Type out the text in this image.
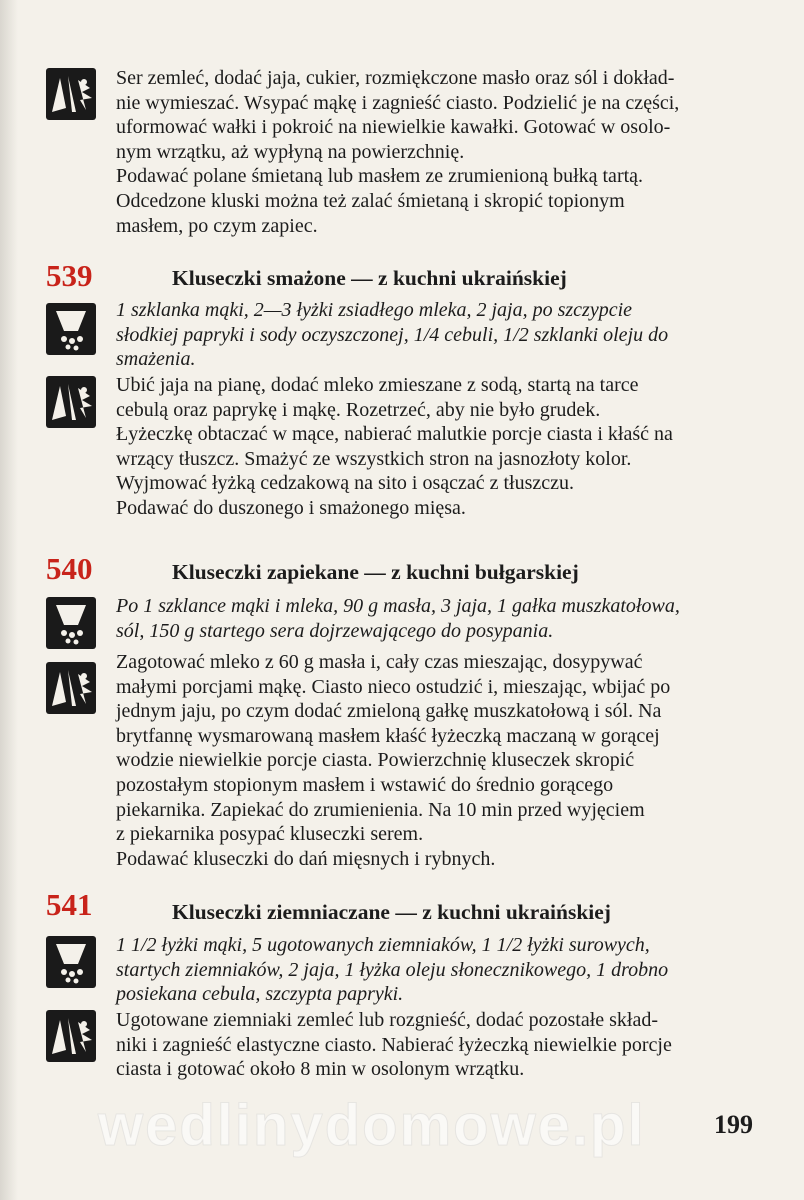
Ser zemleć, dodać jaja, cukier, rozmiękczone masło oraz sól i dokład-

nie wymieszać. Wsypać mąkę i zagnieść ciasto. Podzielić je na części,

uformować wałki i pokroić na niewielkie kawałki. Gotować w osolo-

nym wrzątku, aż wypłyną na powierzchnię.

Podawać polane śmietaną lub masłem ze zrumienioną bułką tartą.

Odcedzone kluski można też zalać śmietaną i skropić topionym

masłem, po czym zapiec.

539	Kluseczki smażone — z kuchni ukraińskiej

1 szklanka mąki, 2—3 łyżki zsiadłego mleka, 2 jaja, po szczypcie

słodkiej papryki i sody oczyszczonej, 1/4 cebuli, 1/2 szklanki oleju do

smażenia.

Ubić jaja na pianę, dodać mleko zmieszane z sodą, startą na tarce

cebulą oraz paprykę i mąkę. Rozetrzeć, aby nie było grudek.

Łyżeczkę obtaczać w mące, nabierać malutkie porcje ciasta i kłaść na

wrzący tłuszcz. Smażyć ze wszystkich stron na jasnozłoty kolor.

Wyjmować łyżką cedzakową na sito i osączać z tłuszczu.

Podawać do duszonego i smażonego mięsa.

540	Kluseczki zapiekane — z kuchni bułgarskiej

Po 1 szklance mąki i mleka, 90 g masła, 3 jaja, 1 gałka muszkatołowa,

sól, 150 g startego sera dojrzewającego do posypania.

Zagotować mleko z 60 g masła i, cały czas mieszając, dosypywać

małymi porcjami mąkę. Ciasto nieco ostudzić i, mieszając, wbijać po

jednym jaju, po czym dodać zmieloną gałkę muszkatołową i sól. Na

brytfannę wysmarowaną masłem kłaść łyżeczką maczaną w gorącej

wodzie niewielkie porcje ciasta. Powierzchnię kluseczek skropić

pozostałym stopionym masłem i wstawić do średnio gorącego

piekarnika. Zapiekać do zrumienienia. Na 10 min przed wyjęciem

z piekarnika posypać kluseczki serem.

Podawać kluseczki do dań mięsnych i rybnych.

541	Kluseczki ziemniaczane — z kuchni ukraińskiej

1 1/2 łyżki mąki, 5 ugotowanych ziemniaków, 1 1/2 łyżki surowych,

startych ziemniaków, 2 jaja, 1 łyżka oleju słonecznikowego, 1 drobno

posiekana cebula, szczypta papryki.

Ugotowane ziemniaki zemleć lub rozgnieść, dodać pozostałe skład-

niki i zagnieść elastyczne ciasto. Nabierać łyżeczką niewielkie porcje

ciasta i gotować około 8 min w osolonym wrzątku.

wedlinydomowe.pl	199
